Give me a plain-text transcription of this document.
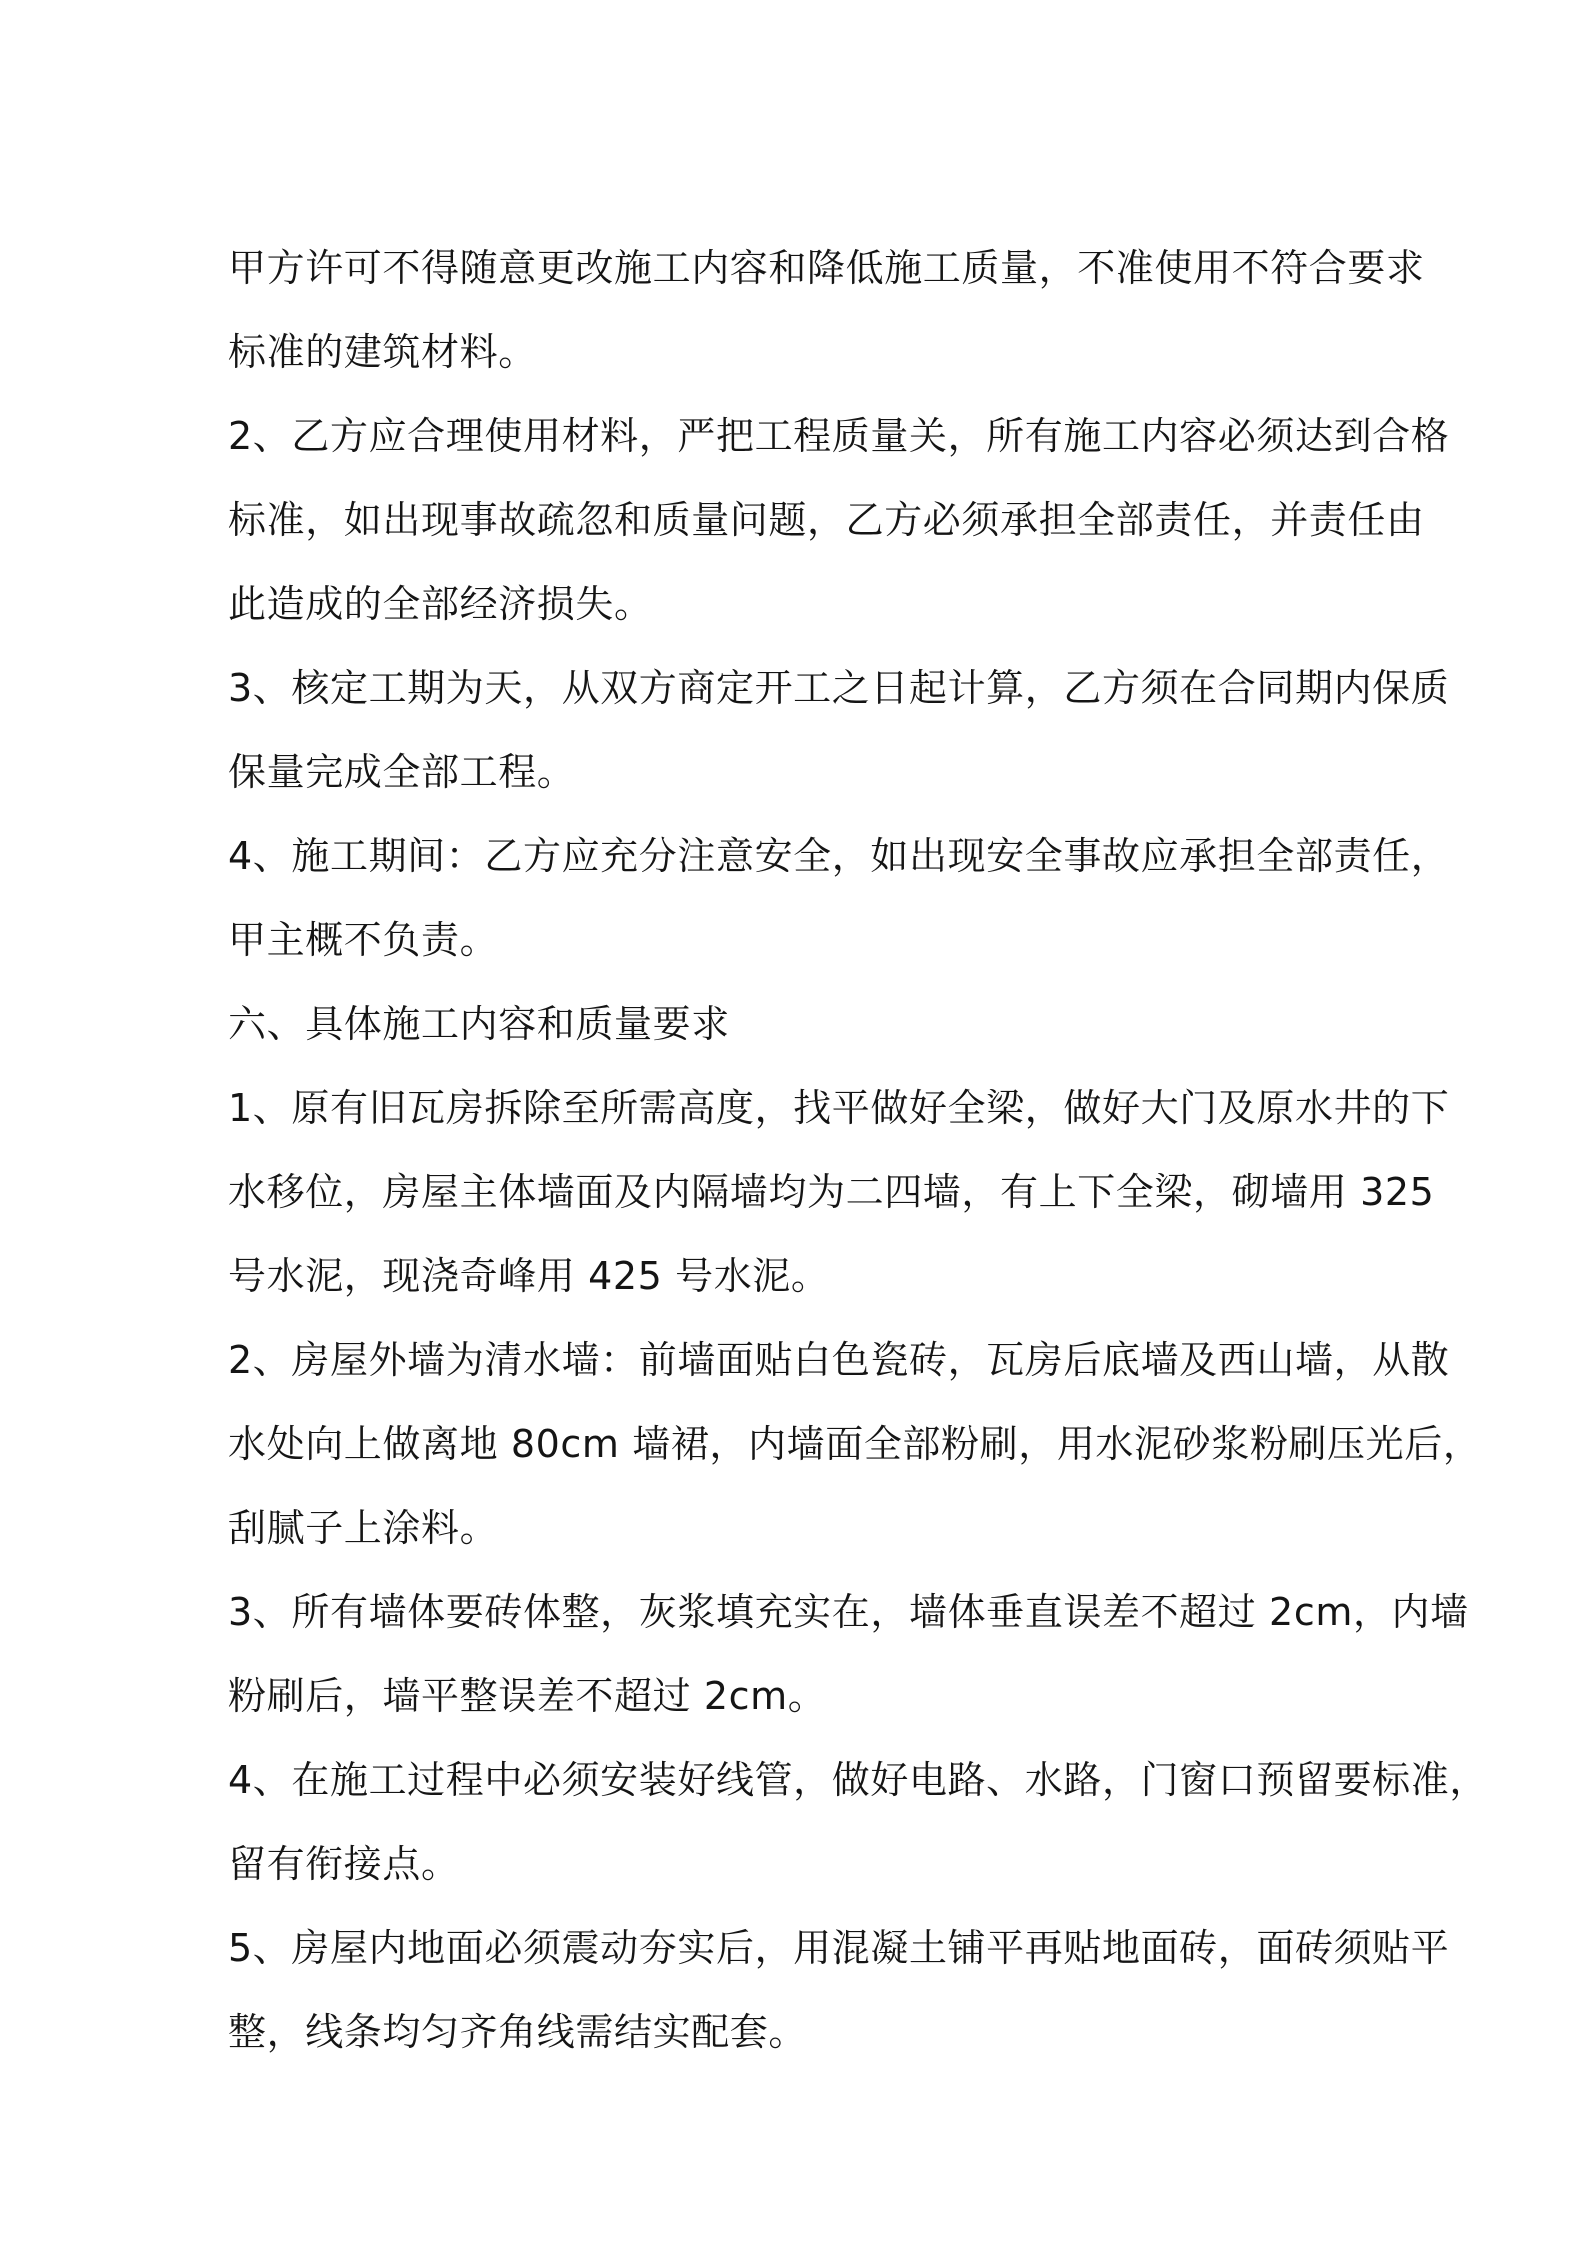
甲方许可不得随意更改施工内容和降低施工质量，不准使用不符合要求
标准的建筑材料。
2、乙方应合理使用材料，严把工程质量关，所有施工内容必须达到合格
标准，如出现事故疏忽和质量问题，乙方必须承担全部责任，并责任由
此造成的全部经济损失。
3、核定工期为天，从双方商定开工之日起计算，乙方须在合同期内保质
保量完成全部工程。
4、施工期间：乙方应充分注意安全，如出现安全事故应承担全部责任，
甲主概不负责。
六、具体施工内容和质量要求
1、原有旧瓦房拆除至所需高度，找平做好全梁，做好大门及原水井的下
水移位，房屋主体墙面及内隔墙均为二四墙，有上下全梁，砌墙用 325
号水泥，现浇奇峰用 425 号水泥。
2、房屋外墙为清水墙：前墙面贴白色瓷砖，瓦房后底墙及西山墙，从散
水处向上做离地 80cm 墙裙，内墙面全部粉刷，用水泥砂浆粉刷压光后，
刮腻子上涂料。
3、所有墙体要砖体整，灰浆填充实在，墙体垂直误差不超过 2cm，内墙
粉刷后，墙平整误差不超过 2cm。
4、在施工过程中必须安装好线管，做好电路、水路，门窗口预留要标准，
留有衔接点。
5、房屋内地面必须震动夯实后，用混凝土铺平再贴地面砖，面砖须贴平
整，线条均匀齐角线需结实配套。
